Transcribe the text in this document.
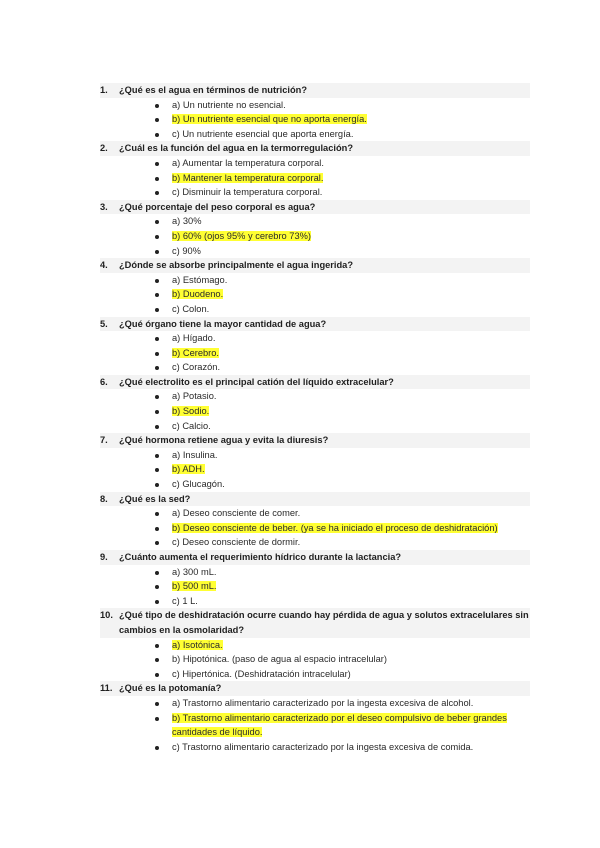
1. ¿Qué es el agua en términos de nutrición?
a) Un nutriente no esencial.
b) Un nutriente esencial que no aporta energía.
c) Un nutriente esencial que aporta energía.
2. ¿Cuál es la función del agua en la termorregulación?
a) Aumentar la temperatura corporal.
b) Mantener la temperatura corporal.
c) Disminuir la temperatura corporal.
3. ¿Qué porcentaje del peso corporal es agua?
a) 30%
b) 60% (ojos 95% y cerebro 73%)
c) 90%
4. ¿Dónde se absorbe principalmente el agua ingerida?
a) Estómago.
b) Duodeno.
c) Colon.
5. ¿Qué órgano tiene la mayor cantidad de agua?
a) Hígado.
b) Cerebro.
c) Corazón.
6. ¿Qué electrolito es el principal catión del líquido extracelular?
a) Potasio.
b) Sodio.
c) Calcio.
7. ¿Qué hormona retiene agua y evita la diuresis?
a) Insulina.
b) ADH.
c) Glucagón.
8. ¿Qué es la sed?
a) Deseo consciente de comer.
b) Deseo consciente de beber. (ya se ha iniciado el proceso de deshidratación)
c) Deseo consciente de dormir.
9. ¿Cuánto aumenta el requerimiento hídrico durante la lactancia?
a) 300 mL.
b) 500 mL.
c) 1 L.
10. ¿Qué tipo de deshidratación ocurre cuando hay pérdida de agua y solutos extracelulares sin cambios en la osmolaridad?
a) Isotónica.
b) Hipotónica. (paso de agua al espacio intracelular)
c) Hipertónica. (Deshidratación intracelular)
11. ¿Qué es la potomanía?
a) Trastorno alimentario caracterizado por la ingesta excesiva de alcohol.
b) Trastorno alimentario caracterizado por el deseo compulsivo de beber grandes cantidades de líquido.
c) Trastorno alimentario caracterizado por la ingesta excesiva de comida.
